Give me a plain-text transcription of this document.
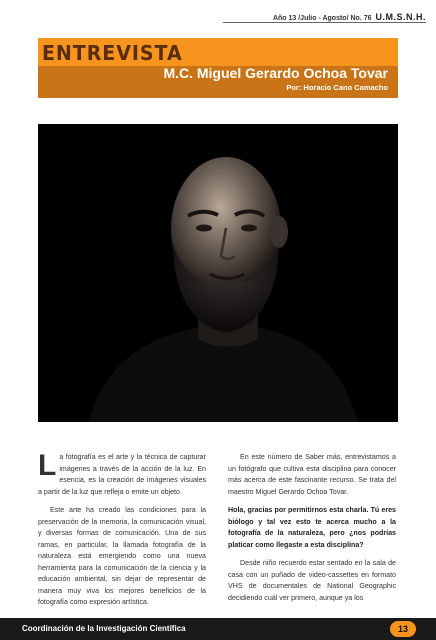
Año 13 /Julio - Agosto/ No. 76 U.M.S.N.H.
ENTREVISTA
M.C. Miguel Gerardo Ochoa Tovar
Por: Horacio Cano Camacho

La fotografía es el arte y la técnica de capturar imágenes a través de la acción de la luz. En esencia, es la creación de imágenes visuales a partir de la luz que refleja o emite un objeto.

Este arte ha creado las condiciones para la preservación de la memoria, la comunicación visual, y diversas formas de comunicación. Una de sus ramas, en particular, la llamada fotografía de la naturaleza está emergiendo como una nueva herramienta para la comunicación de la ciencia y la educación ambiental, sin dejar de representar de manera muy viva los mejores beneficios de la fotografía como expresión artística.

En este número de Saber más, entrevistamos a un fotógrafo que cultiva esta disciplina para conocer más acerca de este fascinante recurso. Se trata del maestro Miguel Gerardo Ochoa Tovar.

Hola, gracias por permitirnos esta charla. Tú eres biólogo y tal vez esto te acerca mucho a la fotografía de la naturaleza, pero ¿nos podrías platicar como llegaste a esta disciplina?

Desde niño recuerdo estar sentado en la sala de casa con un puñado de video-cassettes en formato VHS de documentales de National Geographic decidiendo cuál ver primero, aunque ya los

Coordinación de la Investigación Científica	13
